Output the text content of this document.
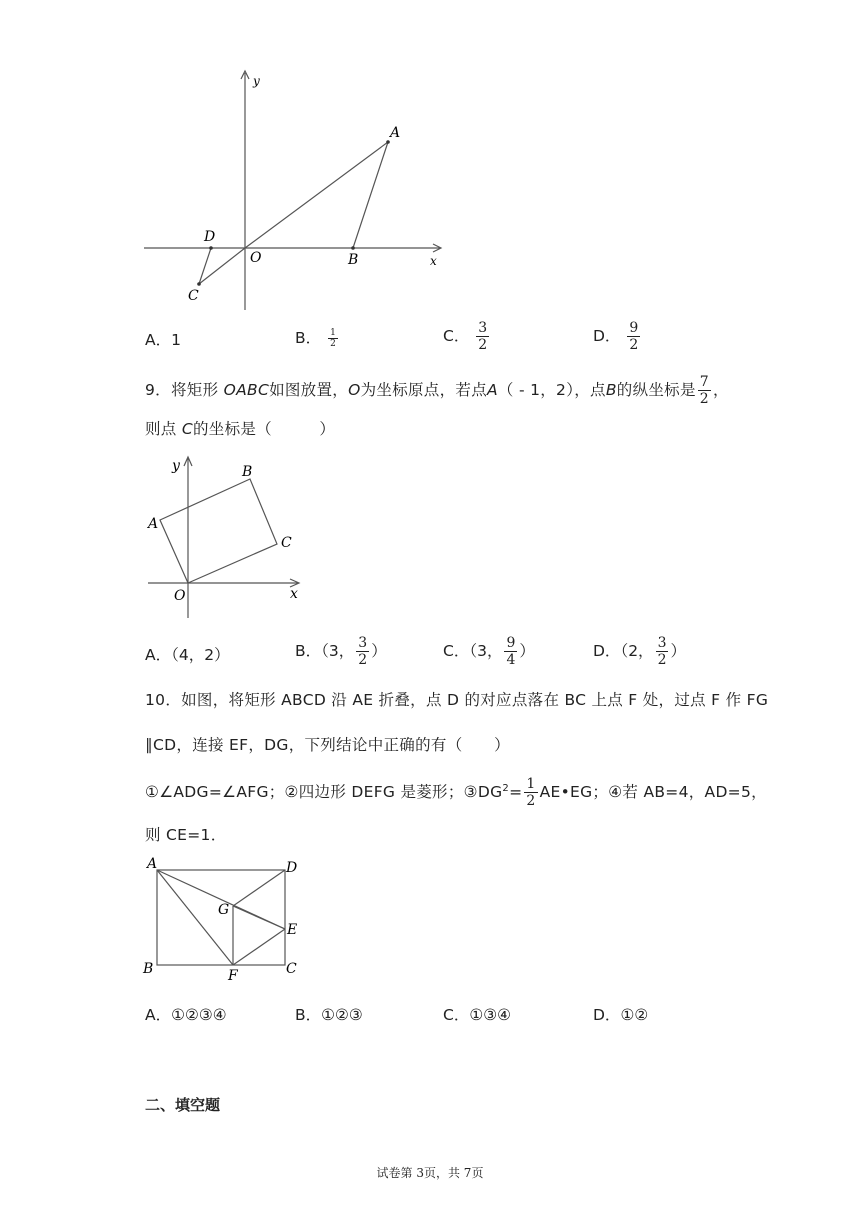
y
x
A
B
C
D
O
A．1	B． $\frac{1}{2}$	C． $\frac{3}{2}$	D． $\frac{9}{2}$
9．将矩形 OABC如图放置，O为坐标原点，若点A（ - 1，2），点B的纵坐标是 $\frac{7}{2}$ ，
则点 C的坐标是（　　　）
y
x
A
B
C
O
A．（4，2）	B．（3， $\frac{3}{2}$ ）	C．（3， $\frac{9}{4}$ ）	D．（2， $\frac{3}{2}$ ）
10．如图，将矩形 ABCD 沿 AE 折叠，点 D 的对应点落在 BC 上点 F 处，过点 F 作 FG
∥CD，连接 EF，DG，下列结论中正确的有（　　）
①∠ADG=∠AFG；②四边形 DEFG 是菱形；$③DG^2= \frac{1}{2}$ AE•EG；④若 AB=4，AD=5，
则 CE=1．
A
B	C
D
E
F
G
A．①②③④	B．①②③	C．①③④	D．①②
二、填空题
试卷第 3页，共 7页
